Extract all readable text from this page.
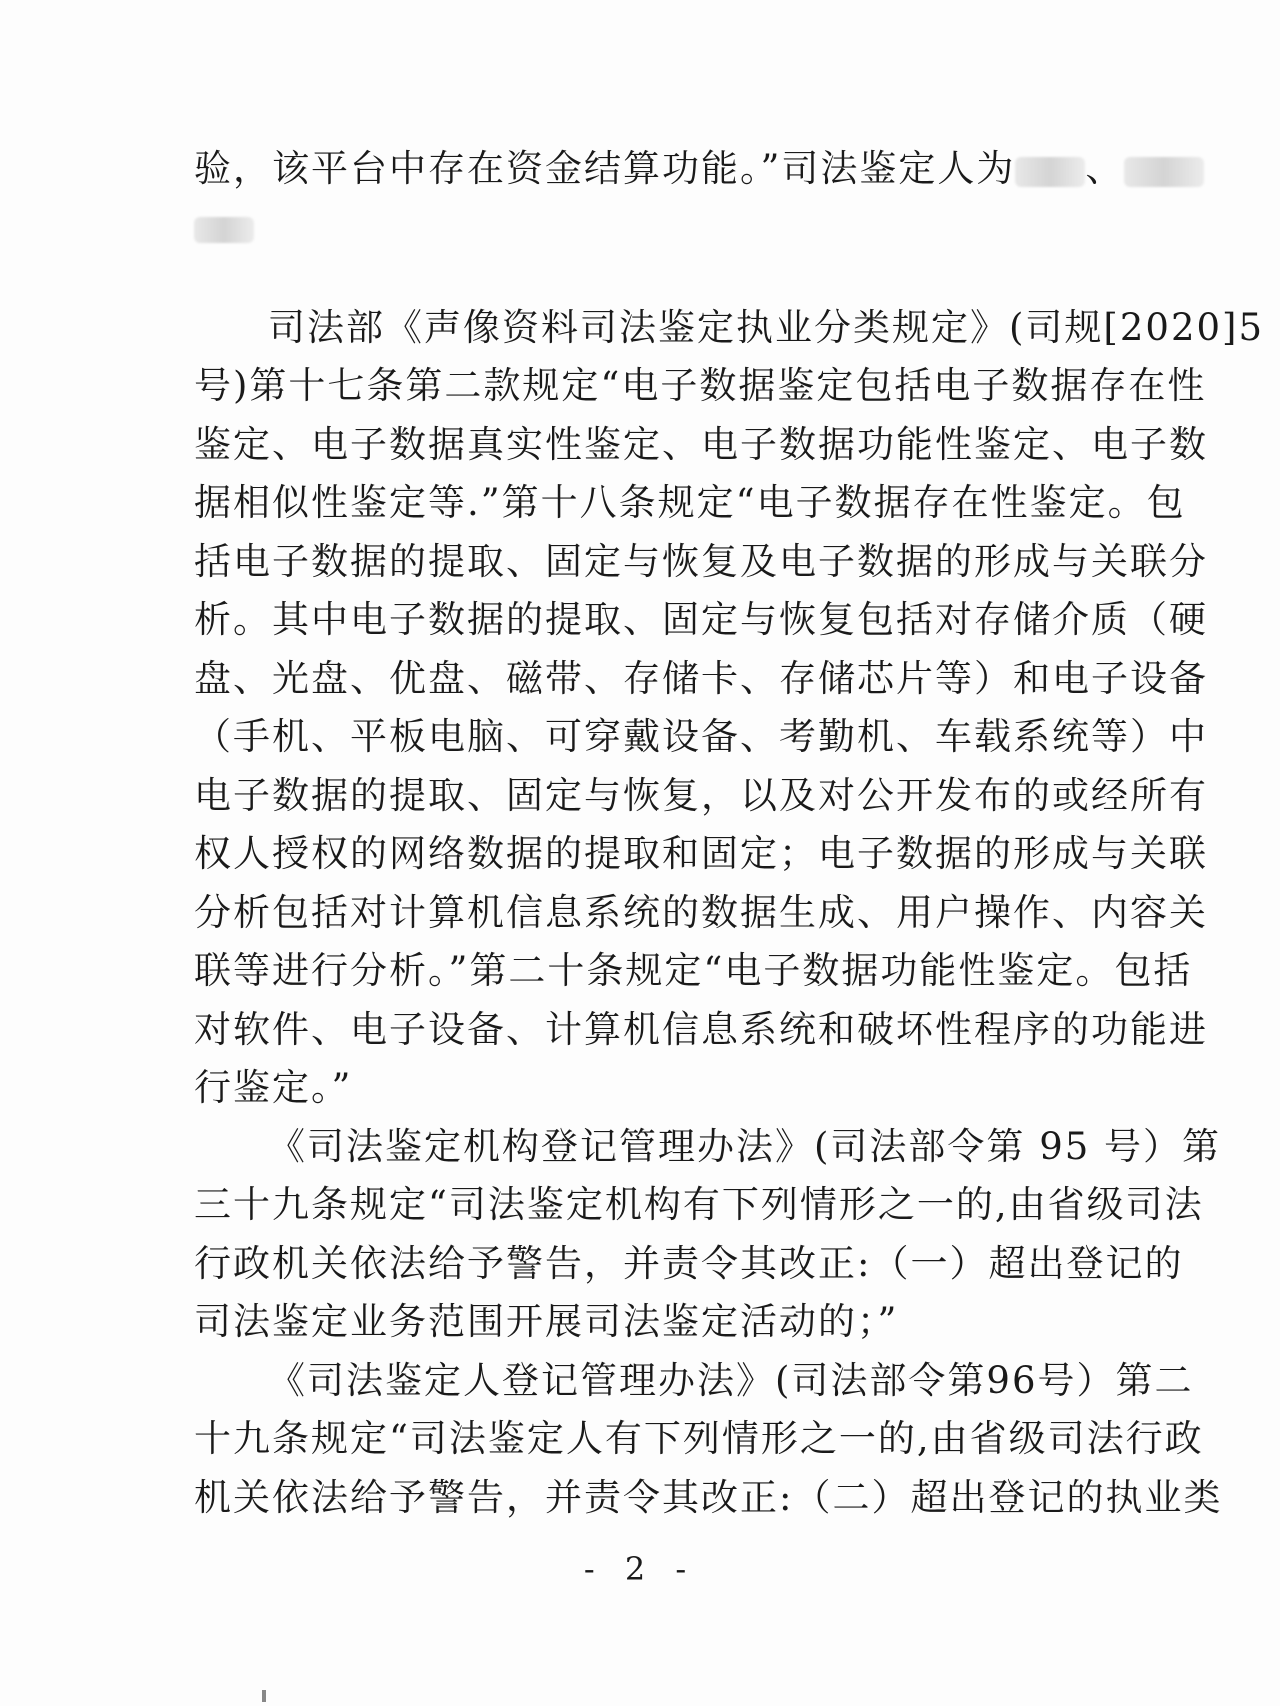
验，该平台中存在资金结算功能。”司法鉴定人为 、
司法部《声像资料司法鉴定执业分类规定》(司规[2020]5
号)第十七条第二款规定“电子数据鉴定包括电子数据存在性
鉴定、电子数据真实性鉴定、电子数据功能性鉴定、电子数
据相似性鉴定等.”第十八条规定“电子数据存在性鉴定。包
括电子数据的提取、固定与恢复及电子数据的形成与关联分
析。其中电子数据的提取、固定与恢复包括对存储介质（硬
盘、光盘、优盘、磁带、存储卡、存储芯片等）和电子设备
（手机、平板电脑、可穿戴设备、考勤机、车载系统等）中
电子数据的提取、固定与恢复，以及对公开发布的或经所有
权人授权的网络数据的提取和固定；电子数据的形成与关联
分析包括对计算机信息系统的数据生成、用户操作、内容关
联等进行分析。”第二十条规定“电子数据功能性鉴定。包括
对软件、电子设备、计算机信息系统和破坏性程序的功能进
行鉴定。”
《司法鉴定机构登记管理办法》(司法部令第 95 号）第
三十九条规定“司法鉴定机构有下列情形之一的,由省级司法
行政机关依法给予警告，并责令其改正:（一）超出登记的
司法鉴定业务范围开展司法鉴定活动的；”
《司法鉴定人登记管理办法》(司法部令第96号）第二
十九条规定“司法鉴定人有下列情形之一的,由省级司法行政
机关依法给予警告，并责令其改正:（二）超出登记的执业类
- 2 -
